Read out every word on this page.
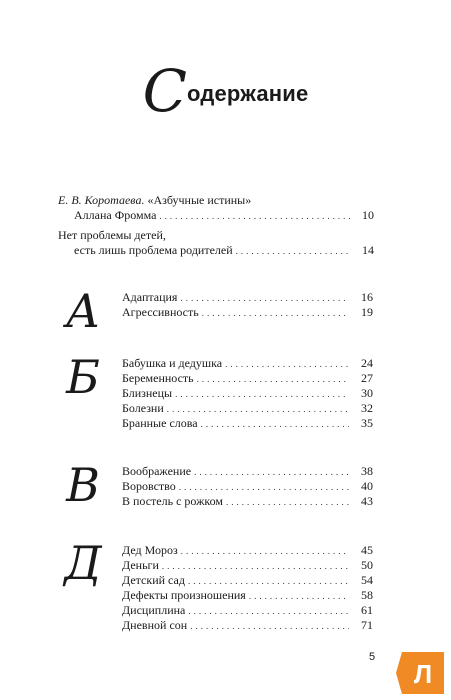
Содержание
Е. В. Коротаева. «Азбучные истины»
Аллана Фромма .....	10
Нет проблемы детей,
есть лишь проблема родителей .....	14
А Адаптация .....	16
Агрессивность .....	19
Б	Бабушка и дедушка .....	24
Беременность .....	27
Близнецы .....	30
Болезни .....	32
Бранные слова .....	35
В	Воображение .....	38
Воровство .....	40
В постель с рожком .....	43
Д Дед Мороз .....	45
Деньги .....	50
Детский сад .....	54
Дефекты произношения .....	58
Дисциплина .....	61
Дневной сон .....	71
5
Л
